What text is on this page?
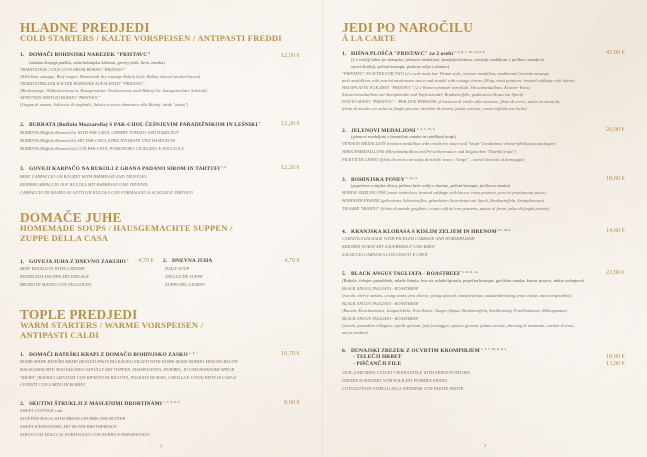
HLADNE PREDJEDI
COLD STARTERS / KALTE VORSPEISEN / ANTIPASTI FREDDI
1. DOMAČI BOHINJSKI NAREZEK "PRISTAVC"	12,50 €
(salama divjega prašiča, suha bohinjska klobasa, goveji jezik, hren, zaseka)
TRADITIONAL COLD CUTS FROM BOHINJ "PRISTAVC"
(Wild boar sausage, Beef tongue, Homemade dry sausage Bohinj Style, Bohinj minced smoked bacon)
TRADITIONELLER KALTER BOHINJER AUFSCHNITT "PRISTAVC"
(Rinderzunge, Wildschweinwurst, Hausgemachte Trockenwurst nach Bohinj Art, hausgemachter Schmalz)
AFFETTATI MISTI DI BOHINJ "PRISTAVC"
(Lingua di manzo, Salsiccia di cinghiale, Salsiccia secca domestica alla Bohinj, lardo "zaska")
2. BURRATA (Buffalo Mozzarella) S PAK-CHOL ČEŠNJEVIM PARADIŽNIKOM IN LEŠNIKI$^7$	12,20 €
BURRATA (Buffalo Mozzarella) WITH PAK-CHOI, CHERRY TOMATO AND HAZELNUT
BURRATA (Buffalo Mozzarella) MIT PAK-CHOI, KIRSCHTOMATE UND HASELNUSS
BURRATA (Buffalo Mozzarella) CON PAK-CHOI, POMODORO CILIEGINO E NOCCIOLA
3. GOVEJI KARPAČO NA RUKOLI Z GRANA PADANO SIROM IN TARTUFI$^{7, 6}$	12,20 €
BEEF CARPACCIO ON ROCKET WITH PARMESAN AND TRUFFLES
RINDERCARPACCIO AUF RUCOLA MIT PARMESAN UND TRÜFFEL
CARPACCIO DI MANZO SU LETTO DI RUCOLA CON FORMAGGIO A SCAGLIE E TARTUFO
DOMAČE JUHE
HOMEMADE SOUPS / HAUSGEMACHTE SUPPEN /
ZUPPE DELLA CASA
1. GOVEJA JUHA Z DNEVNO ZAKUHO$^7$ 4,70 €
BEEF BOUILLON WITH GARNISH
RINDFLEISCHSUPPE MIT EINLAGE
BRODO DI MANZO CON TAGLIOLINI
2. DNEVNA JUHA	4,70 €
DAILY SOUP
TAEGLICHE SUPPE
ZUPPA DEL GIORNO
TOPLE PREDJEDI
WARM STARTERS / WARME VORSPEISEN /
ANTIPASTI CALDI
1. DOMAČI RATEŠKI KRAPI Z DOMAČO BOHINJSKO ZASKO$^{1, 3, 7}$	10,70 €
HOME-MADE RATEŠKI KRAPI (BOILED PASTA PACKAGES) FILLED WITH HOME-MADE BOHINJ MINCED BACON
HAUSGEMACHTE TEIGTASCHEN GEFÜLLT MIT TOPFEN, MAISPOLENTA, ZWIEBEL, EI UND BOHINJER SPECK
"KRAPI" (RAVIOLI LIEVITATI CON RIPIENO DI RICOTTA, POLENTA DI MAIS, CIPOLLA E UOVA) FATTI IN CASA E
CONDITI CON LARDO DI BOHINJ
2. SKUTINI ŠTRUKLJI Z MASLENIMI DROBTINAMI$^{1, 7, 3, 6, 6}$	8,90 €
SWEET COTTAGE cake
STUFFED ROLLS WITH BREAD CRUMBS AND BUTTER
SWEET KÄSEKNÖDEL MIT BUTER BROTHPRESLN
STRUCCOLI DOLCI AL FORMAGGIO CON BURRO E PANGRATTATO
2
JEDI PO NAROČILU
À LA CARTE
1. HIŠNA PLOŠČA "PRISTAVC" za 2 osebi$^{1, 3, 6, 7, 10, 14, 6, 6}$	45,00 €
(2 x telečji hrbet po dunajsko, jelenovi medaljoni, kranjska klobasa, svinjski medaljoni v jurčkovi omaki in
sirovi štruklji, pečeni krompir, praženo zelje s slanino)
"PRISTAVC" PLATTER FOR TWO (2 x veal steak late Vienna style, venison medallion, traditional Carniola sausage,
pork medallions with porcini mushrooms sauce and strudel with cottage cheese filling, roast potatoes, braised cabbage with bacon)
HAUSPLATTE FÜR ZWEI "PRISTAVC" (2 x Wienerschnitzel vom Kalb, Hirschmedaillons, Krainer Wurst,
Schweinemedaillons mit Steinpilzsoße und Topfenstrudel, Bratkartoffeln, gedünstetes Kraut mit Speck)
PIATTO MISTO "PRISTAVC" - PER DUE PERSONE (2 bistecca di vitello alla viennese, filetti di cervo, salsiccia carniola,
filetto di maiale con salsa ai funghi porcini, involtini di ricotta, patate arrosto, crauti soffritti con lardo)
2. JELENOVI MEDALJONI$^{1, 3, 7, 14, 4}$	26,00 €
(jelenovi medaljoni z brusnično omako in rateškimi krapi)
VENISON MEDALLION (venison medallion with cranberry sauce and "krapi" (traditional cheese-filled pasta packages)
HIRSCHMEDAILLONS (Hirschmedaillons mit Preiselbeersauce und Teigtaschen "Rateški krapi")
FILETTI DI CERVO (filetti di cervo con salsa di mirtilli rossi e "krapi" – ravioli lievitati al formaggio)
3. BOHINJSKA PONEV$^{7, 14, 4}$	18,60 €
(popečena svinjska ribica, pečeno kislo zelje s slanino, pečeni krompir, jurčkova omaka)
BOHINJ SIZZLING PAN (roast tenderloin, braised cabbage with bacon, roast potatoes, porcini (mushroom) sauce)
BOHINJER PFANNE (gebratenes Schweinefilet, gebackenes Sauerkraut mit Speck, Bratkartoffeln, Steinpilzsauce)
TEGAME "BOHINJ" (filetto di maiale grigliato, crauti soffritti con pancetta, patate al forno, salsa di funghi porcini)
4. KRANJSKA KLOBASA S KISLIM ZELJEM IN HRENOM$^{10, 14, 6}$	14,60 €
CARNIOLA SAUSAGE WITH PICKLED CABBAGE AND HORSERADISH
KREINER WURST MIT SAUERKRAUT UND KREN
SALSICCIA CARNIOLA CON CRAUTI E CREN
5. BLACK ANGUS TAGLIATA - ROASTBEEF$^{7, 10, 6, 14}$	23,90 €
(Rukola, češnjev paradižnik, mlada čebula, feta sir, mlada špinača, popečen krompir, gorčična omaka, kaviar postrvi, mikro zelenjava)
BLACK ANGUS TAGLIATA - ROASTBEEF
(rucola, cherry tomato, young onion, feta cheese, young spinach, roasted potato, mustarddressing, trout caviar, micro vegetables)
BLACK ANGUS TAGLIATA - ROASTBEEF
(Rucola, Kirschtomaten, Jungzwiebeln, Feta Kaese, Tunger Spinat, Bratkartoffeln, Senfdressing, Forellenkaviar, Mikrogemüse)
BLACK ANGUS TAGLIATA - ROASTBEEF
(rucola, pomodoro ciliegino, cipolle giovani, feta formaggio, spinaci giovani, patate arroste, dressing di mostarda, caviale di trota,
micro verdure)
6. DUNAJSKI ZREZEK Z OCVRTIM KROMPIRJEM$^{1, 3, 7, 16, 6, 6, 4}$
- TELEČJI HRBET	18,60 €
- PIŠČANČJI FILE	13,90 €
VEAL (CHICKEN) CUTLET VIENNA STYLE WITH FRIED POTATOES
WIENER SCHNITZEL VOM KALB MIT POMMES FRITES
COTOLETTA DI VITELLO ALLA VIENNESE CON PATATE FRITTE
3
